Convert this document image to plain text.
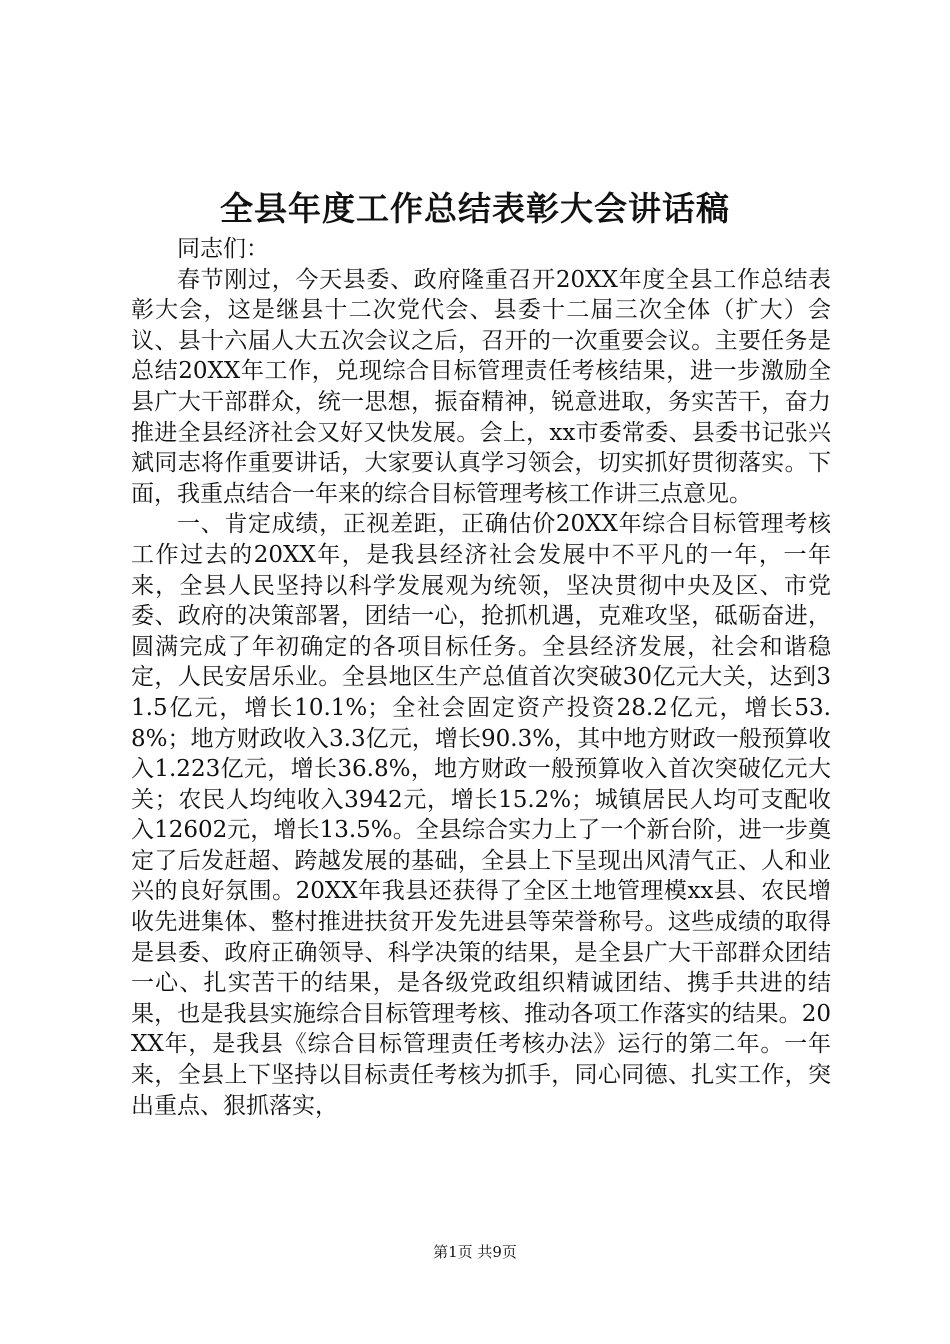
全县年度工作总结表彰大会讲话稿

同志们：

春节刚过，今天县委、政府隆重召开20XX年度全县工作总结表彰大会，这是继县十二次党代会、县委十二届三次全体（扩大）会议、县十六届人大五次会议之后，召开的一次重要会议。主要任务是总结20XX年工作，兑现综合目标管理责任考核结果，进一步激励全县广大干部群众，统一思想，振奋精神，锐意进取，务实苦干，奋力推进全县经济社会又好又快发展。会上，xx市委常委、县委书记张兴斌同志将作重要讲话，大家要认真学习领会，切实抓好贯彻落实。下面，我重点结合一年来的综合目标管理考核工作讲三点意见。

一、肯定成绩，正视差距，正确估价20XX年综合目标管理考核工作过去的20XX年，是我县经济社会发展中不平凡的一年，一年来，全县人民坚持以科学发展观为统领，坚决贯彻中央及区、市党委、政府的决策部署，团结一心，抢抓机遇，克难攻坚，砥砺奋进，圆满完成了年初确定的各项目标任务。全县经济发展，社会和谐稳定，人民安居乐业。全县地区生产总值首次突破30亿元大关，达到31.5亿元，增长10.1%；全社会固定资产投资28.2亿元，增长53.8%；地方财政收入3.3亿元，增长90.3%，其中地方财政一般预算收入1.223亿元，增长36.8%，地方财政一般预算收入首次突破亿元大关；农民人均纯收入3942元，增长15.2%；城镇居民人均可支配收入12602元，增长13.5%。全县综合实力上了一个新台阶，进一步奠定了后发赶超、跨越发展的基础，全县上下呈现出风清气正、人和业兴的良好氛围。20XX年我县还获得了全区土地管理模xx县、农民增收先进集体、整村推进扶贫开发先进县等荣誉称号。这些成绩的取得是县委、政府正确领导、科学决策的结果，是全县广大干部群众团结一心、扎实苦干的结果，是各级党政组织精诚团结、携手共进的结果，也是我县实施综合目标管理考核、推动各项工作落实的结果。20XX年，是我县《综合目标管理责任考核办法》运行的第二年。一年来，全县上下坚持以目标责任考核为抓手，同心同德、扎实工作，突出重点、狠抓落实，

第1页 共9页
